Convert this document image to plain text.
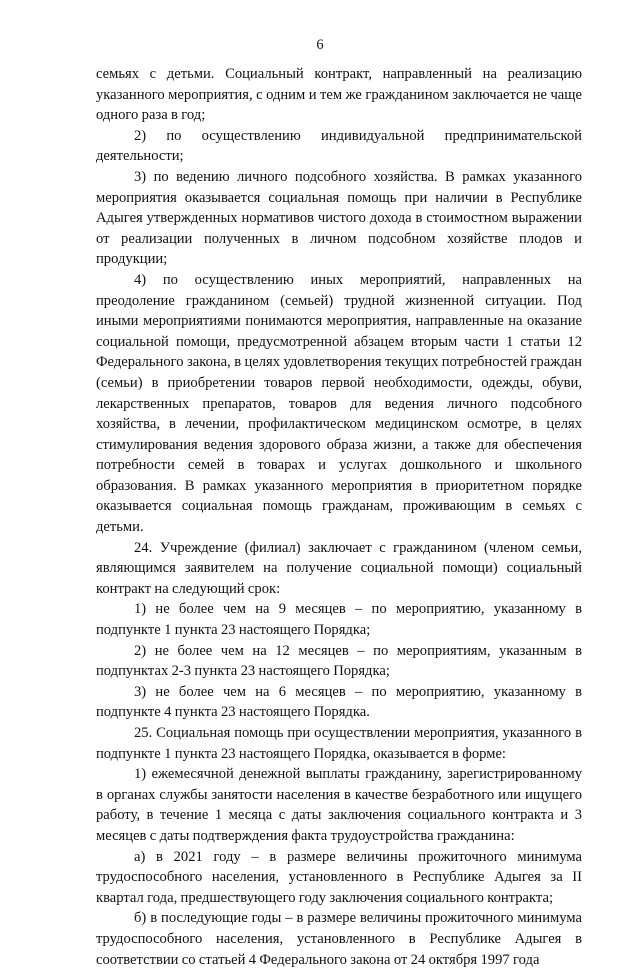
6

семьях с детьми. Социальный контракт, направленный на реализацию указанного мероприятия, с одним и тем же гражданином заключается не чаще одного раза в год;

2) по осуществлению индивидуальной предпринимательской деятельности;

3) по ведению личного подсобного хозяйства. В рамках указанного мероприятия оказывается социальная помощь при наличии в Республике Адыгея утвержденных нормативов чистого дохода в стоимостном выражении от реализации полученных в личном подсобном хозяйстве плодов и продукции;

4) по осуществлению иных мероприятий, направленных на преодоление гражданином (семьей) трудной жизненной ситуации. Под иными мероприятиями понимаются мероприятия, направленные на оказание социальной помощи, предусмотренной абзацем вторым части 1 статьи 12 Федерального закона, в целях удовлетворения текущих потребностей граждан (семьи) в приобретении товаров первой необходимости, одежды, обуви, лекарственных препаратов, товаров для ведения личного подсобного хозяйства, в лечении, профилактическом медицинском осмотре, в целях стимулирования ведения здорового образа жизни, а также для обеспечения потребности семей в товарах и услугах дошкольного и школьного образования. В рамках указанного мероприятия в приоритетном порядке оказывается социальная помощь гражданам, проживающим в семьях с детьми.

24. Учреждение (филиал) заключает с гражданином (членом семьи, являющимся заявителем на получение социальной помощи) социальный контракт на следующий срок:

1) не более чем на 9 месяцев – по мероприятию, указанному в подпункте 1 пункта 23 настоящего Порядка;

2) не более чем на 12 месяцев – по мероприятиям, указанным в подпунктах 2-3 пункта 23 настоящего Порядка;

3) не более чем на 6 месяцев – по мероприятию, указанному в подпункте 4 пункта 23 настоящего Порядка.

25. Социальная помощь при осуществлении мероприятия, указанного в подпункте 1 пункта 23 настоящего Порядка, оказывается в форме:

1) ежемесячной денежной выплаты гражданину, зарегистрированному в органах службы занятости населения в качестве безработного или ищущего работу, в течение 1 месяца с даты заключения социального контракта и 3 месяцев с даты подтверждения факта трудоустройства гражданина:

а) в 2021 году – в размере величины прожиточного минимума трудоспособного населения, установленного в Республике Адыгея за II квартал года, предшествующего году заключения социального контракта;

б) в последующие годы – в размере величины прожиточного минимума трудоспособного населения, установленного в Республике Адыгея в соответствии со статьей 4 Федерального закона от 24 октября 1997 года
